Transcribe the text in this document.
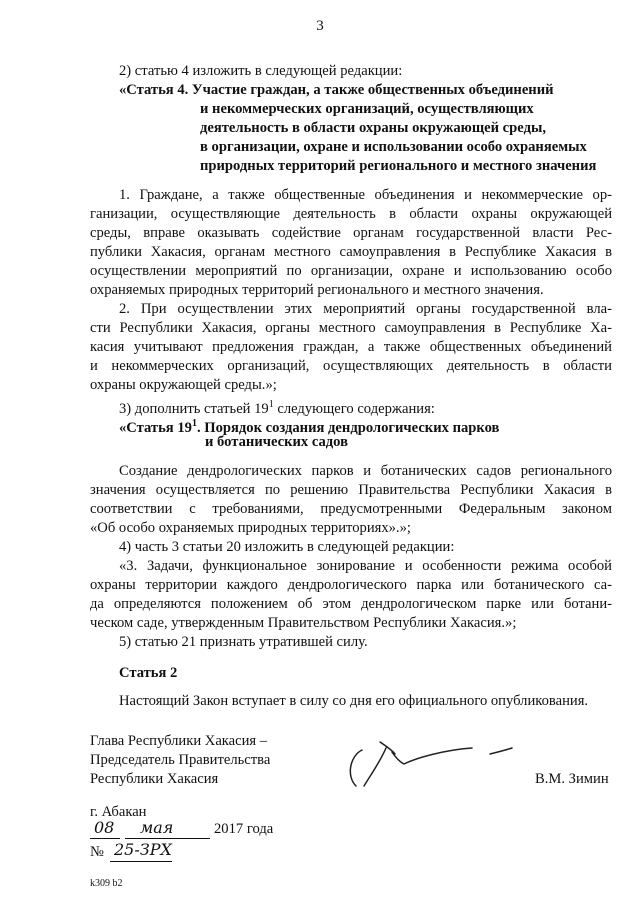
3
2) статью 4 изложить в следующей редакции:
«Статья 4. Участие граждан, а также общественных объединений
и некоммерческих организаций, осуществляющих
деятельность в области охраны окружающей среды,
в организации, охране и использовании особо охраняемых
природных территорий регионального и местного значения
1. Граждане, а также общественные объединения и некоммерческие ор-
ганизации, осуществляющие деятельность в области охраны окружающей
среды, вправе оказывать содействие органам государственной власти Рес-
публики Хакасия, органам местного самоуправления в Республике Хакасия в
осуществлении мероприятий по организации, охране и использованию особо
охраняемых природных территорий регионального и местного значения.
2. При осуществлении этих мероприятий органы государственной вла-
сти Республики Хакасия, органы местного самоуправления в Республике Ха-
касия учитывают предложения граждан, а также общественных объединений
и некоммерческих организаций, осуществляющих деятельность в области
охраны окружающей среды.»;
3) дополнить статьей $19^1$ следующего содержания:
«Статья $19^1$. Порядок создания дендрологических парков
и ботанических садов
Создание дендрологических парков и ботанических садов регионального
значения осуществляется по решению Правительства Республики Хакасия в
соответствии с требованиями, предусмотренными Федеральным законом
«Об особо охраняемых природных территориях».»;
4) часть 3 статьи 20 изложить в следующей редакции:
«3. Задачи, функциональное зонирование и особенности режима особой
охраны территории каждого дендрологического парка или ботанического са-
да определяются положением об этом дендрологическом парке или ботани-
ческом саде, утвержденным Правительством Республики Хакасия.»;
5) статью 21 признать утратившей силу.
Статья 2
Настоящий Закон вступает в силу со дня его официального опубликования.
Глава Республики Хакасия –
Председатель Правительства
Республики Хакасия	В.М. Зимин
г. Абакан
08 мая	2017 года
№ 25-ЗРХ
k309 b2
